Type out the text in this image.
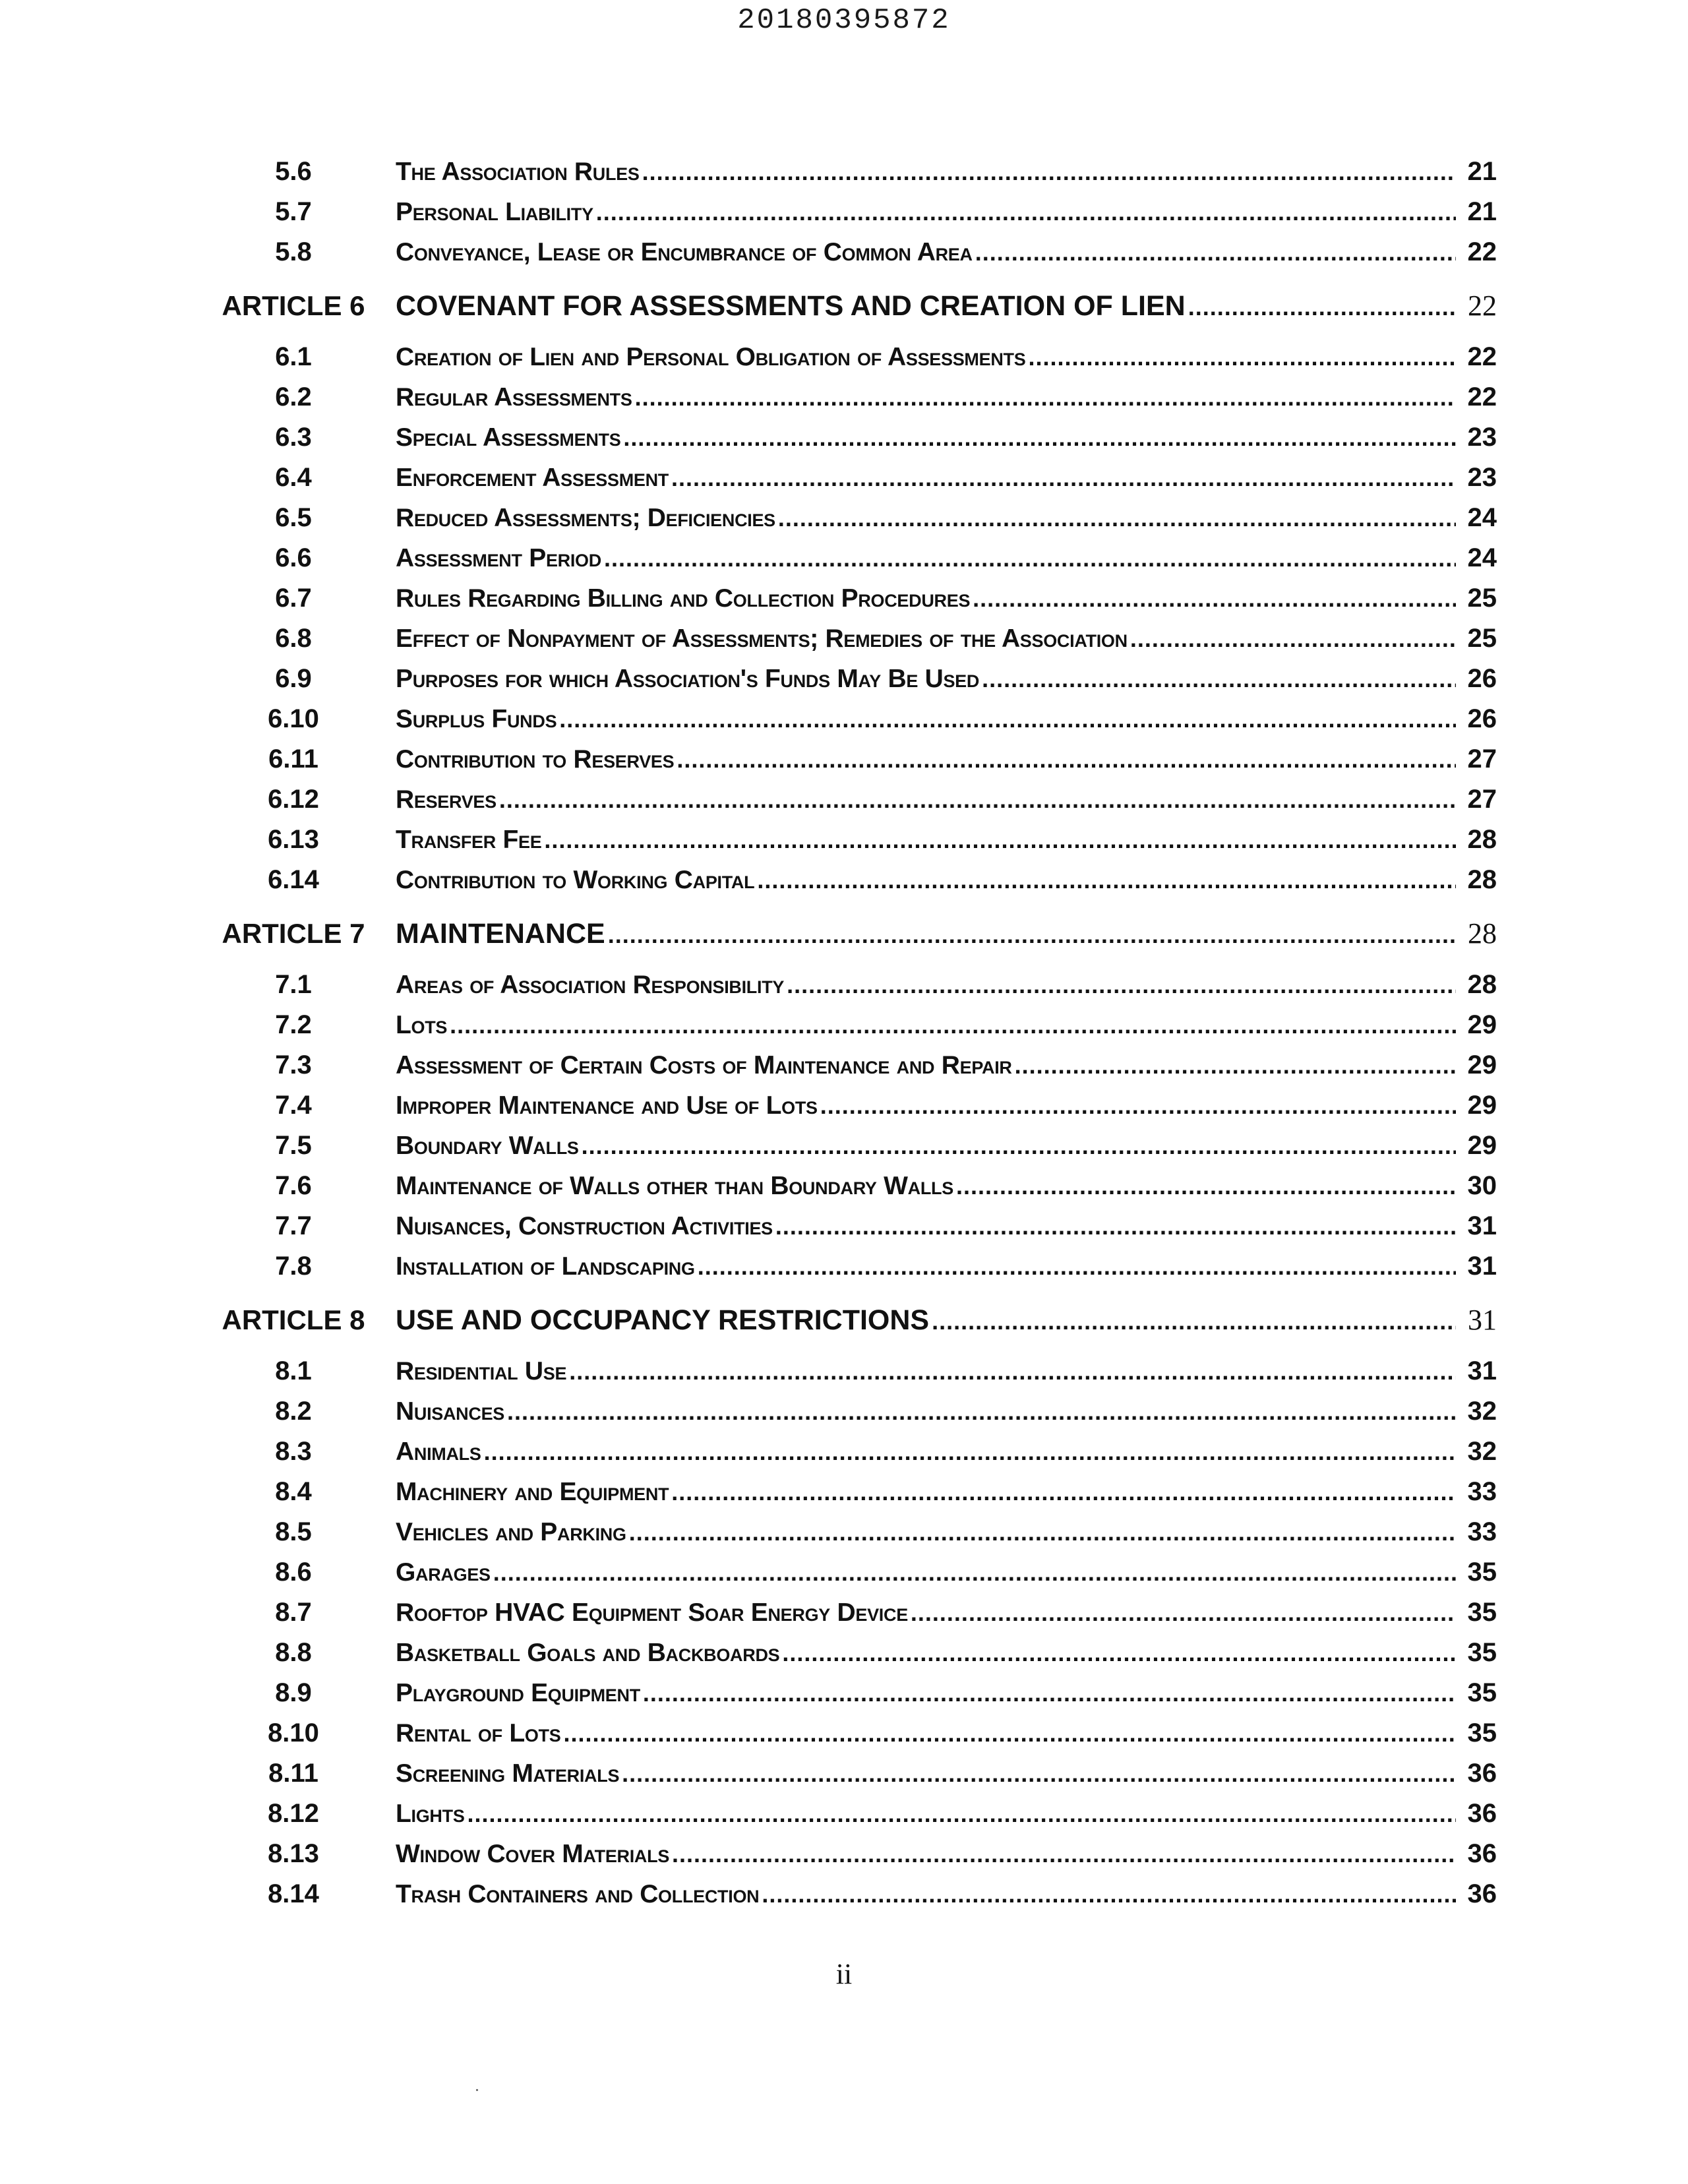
20180395872
5.6	The Association Rules .....	21
5.7	Personal Liability .....	21
5.8	Conveyance, Lease or Encumbrance of Common Area .....	22
ARTICLE 6	COVENANT FOR ASSESSMENTS AND CREATION OF LIEN .....	22
6.1	Creation of Lien and Personal Obligation of Assessments .....	22
6.2	Regular Assessments .....	22
6.3	Special Assessments .....	23
6.4	Enforcement Assessment .....	23
6.5	Reduced Assessments; Deficiencies .....	24
6.6	Assessment Period .....	24
6.7	Rules Regarding Billing and Collection Procedures .....	25
6.8	Effect of Nonpayment of Assessments; Remedies of the Association .....	25
6.9	Purposes for which Association's Funds May Be Used .....	26
6.10	Surplus Funds .....	26
6.11	Contribution to Reserves .....	27
6.12	Reserves .....	27
6.13	Transfer Fee .....	28
6.14	Contribution to Working Capital .....	28
ARTICLE 7	MAINTENANCE .....	28
7.1	Areas of Association Responsibility .....	28
7.2	Lots .....	29
7.3	Assessment of Certain Costs of Maintenance and Repair .....	29
7.4	Improper Maintenance and Use of Lots .....	29
7.5	Boundary Walls .....	29
7.6	Maintenance of Walls other than Boundary Walls .....	30
7.7	Nuisances, Construction Activities .....	31
7.8	Installation of Landscaping .....	31
ARTICLE 8	USE AND OCCUPANCY RESTRICTIONS .....	31
8.1	Residential Use .....	31
8.2	Nuisances .....	32
8.3	Animals .....	32
8.4	Machinery and Equipment .....	33
8.5	Vehicles and Parking .....	33
8.6	Garages .....	35
8.7	Rooftop HVAC Equipment Soar Energy Device .....	35
8.8	Basketball Goals and Backboards .....	35
8.9	Playground Equipment .....	35
8.10	Rental of Lots .....	35
8.11	Screening Materials .....	36
8.12	Lights .....	36
8.13	Window Cover Materials .....	36
8.14	Trash Containers and Collection .....	36
ii
